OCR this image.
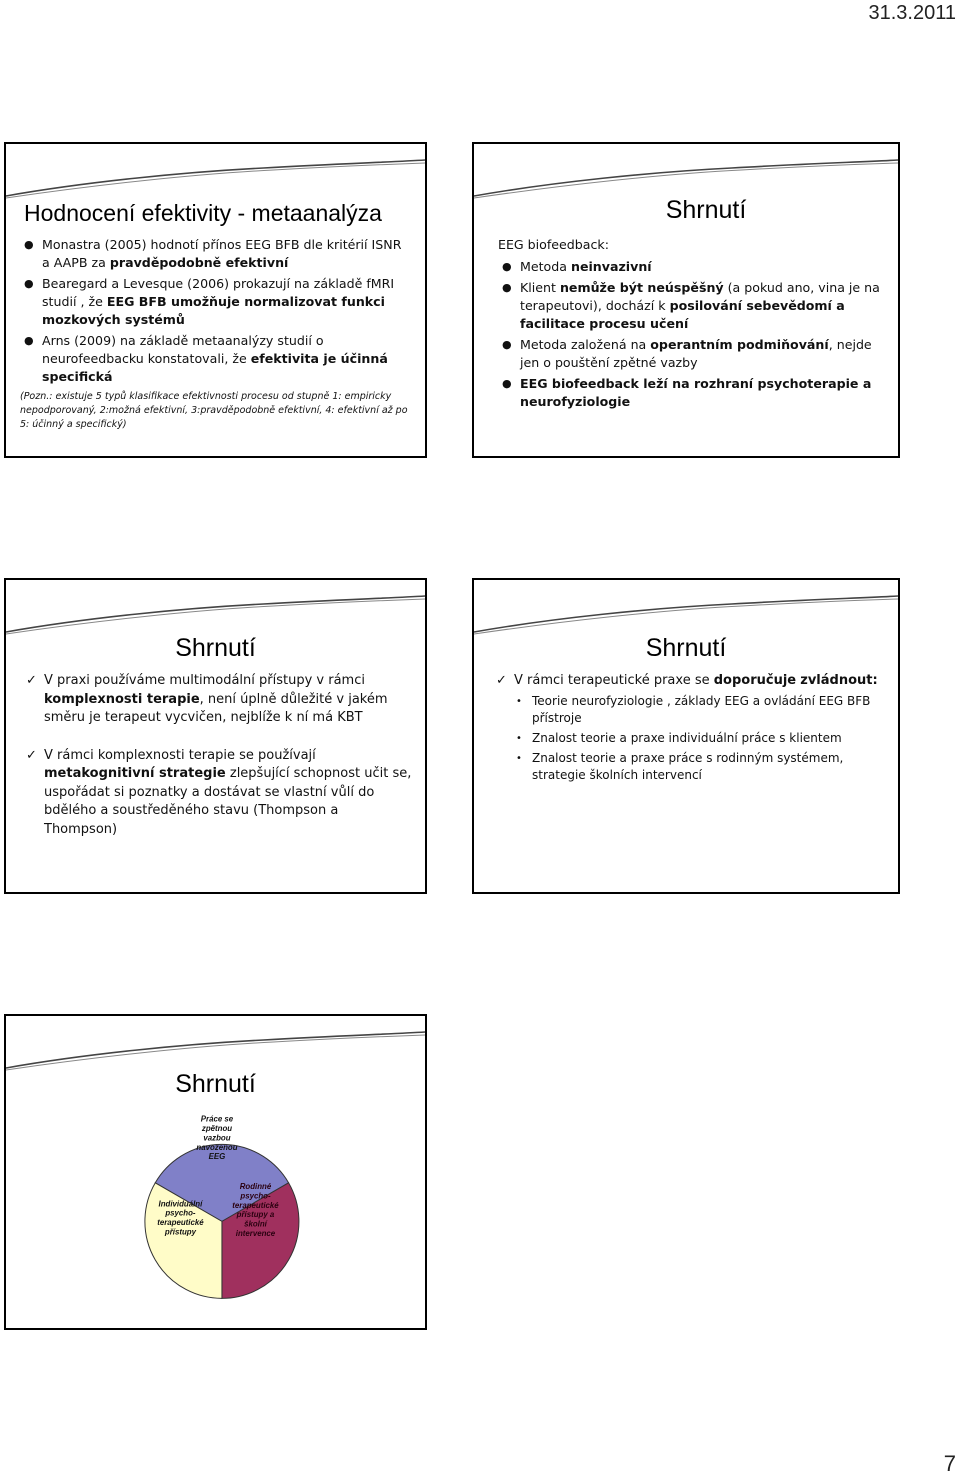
31.3.2011
Hodnocení efektivity - metaanalýza
● Monastra (2005) hodnotí přínos EEG BFB dle kritérií ISNR a AAPB za pravděpodobně efektivní
● Bearegard a Levesque (2006) prokazují na základě fMRI studií , že EEG BFB umožňuje normalizovat funkci mozkových systémů
● Arns (2009) na základě metaanalýzy studií o neurofeedbacku konstatovali, že efektivita je účinná specifická
(Pozn.: existuje 5 typů klasifikace efektivnosti procesu od stupně 1: empiricky nepodporovaný, 2:možná efektivní, 3:pravděpodobně efektivní, 4: efektivní až po 5: účinný a specifický)
Shrnutí
EEG biofeedback:
● Metoda neinvazivní
● Klient nemůže být neúspěšný (a pokud ano, vina je na terapeutovi), dochází k posilování sebevědomí a facilitace procesu učení
● Metoda založená na operantním podmiňování, nejde jen o pouštění zpětné vazby
● EEG biofeedback leží na rozhraní psychoterapie a neurofyziologie
Shrnutí
✓ V praxi používáme multimodální přístupy v rámci komplexnosti terapie, není úplně důležité v jakém směru je terapeut vycvičen, nejblíže k ní má KBT
✓ V rámci komplexnosti terapie se používají metakognitivní strategie zlepšující schopnost učit se, uspořádat si poznatky a dostávat se vlastní vůlí do bdělého a soustředěného stavu (Thompson a Thompson)
Shrnutí
✓ V rámci terapeutické praxe se doporučuje zvládnout:
• Teorie neurofyziologie , základy EEG a ovládání EEG BFB přístroje
• Znalost teorie a praxe individuální práce s klientem
• Znalost teorie a praxe práce s rodinným systémem, strategie školních intervencí
Shrnutí
Práce se zpětnou vazbou navozenou EEG
Rodinné psycho-terapeutické přístupy a školní intervence
Individuální psycho-terapeutické přístupy
7
